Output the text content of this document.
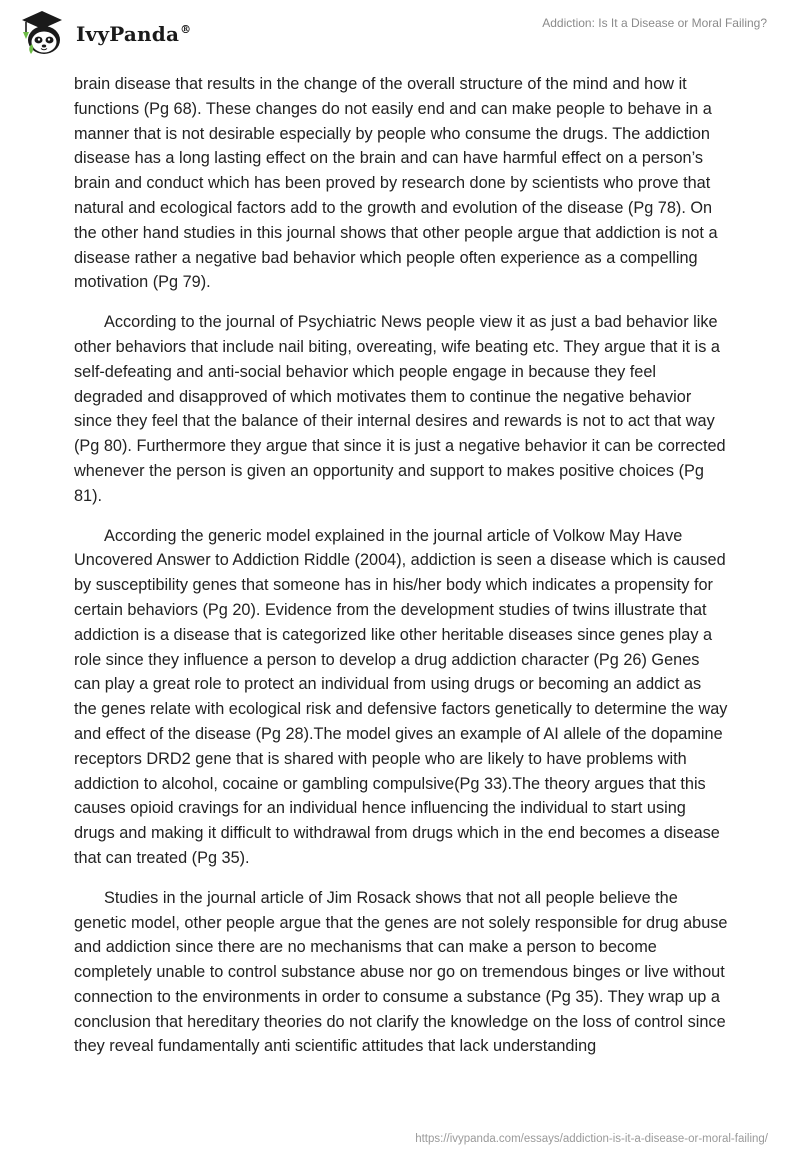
IvyPanda®	Addiction: Is It a Disease or Moral Failing?

brain disease that results in the change of the overall structure of the mind and how it functions (Pg 68). These changes do not easily end and can make people to behave in a manner that is not desirable especially by people who consume the drugs. The addiction disease has a long lasting effect on the brain and can have harmful effect on a person’s brain and conduct which has been proved by research done by scientists who prove that natural and ecological factors add to the growth and evolution of the disease (Pg 78). On the other hand studies in this journal shows that other people argue that addiction is not a disease rather a negative bad behavior which people often experience as a compelling motivation (Pg 79).

According to the journal of Psychiatric News people view it as just a bad behavior like other behaviors that include nail biting, overeating, wife beating etc. They argue that it is a self-defeating and anti-social behavior which people engage in because they feel degraded and disapproved of which motivates them to continue the negative behavior since they feel that the balance of their internal desires and rewards is not to act that way (Pg 80). Furthermore they argue that since it is just a negative behavior it can be corrected whenever the person is given an opportunity and support to makes positive choices (Pg 81).

According the generic model explained in the journal article of Volkow May Have Uncovered Answer to Addiction Riddle (2004), addiction is seen a disease which is caused by susceptibility genes that someone has in his/her body which indicates a propensity for certain behaviors (Pg 20). Evidence from the development studies of twins illustrate that addiction is a disease that is categorized like other heritable diseases since genes play a role since they influence a person to develop a drug addiction character (Pg 26) Genes can play a great role to protect an individual from using drugs or becoming an addict as the genes relate with ecological risk and defensive factors genetically to determine the way and effect of the disease (Pg 28).The model gives an example of AI allele of the dopamine receptors DRD2 gene that is shared with people who are likely to have problems with addiction to alcohol, cocaine or gambling compulsive(Pg 33).The theory argues that this causes opioid cravings for an individual hence influencing the individual to start using drugs and making it difficult to withdrawal from drugs which in the end becomes a disease that can treated (Pg 35).

Studies in the journal article of Jim Rosack shows that not all people believe the genetic model, other people argue that the genes are not solely responsible for drug abuse and addiction since there are no mechanisms that can make a person to become completely unable to control substance abuse nor go on tremendous binges or live without connection to the environments in order to consume a substance (Pg 35). They wrap up a conclusion that hereditary theories do not clarify the knowledge on the loss of control since they reveal fundamentally anti scientific attitudes that lack understanding

https://ivypanda.com/essays/addiction-is-it-a-disease-or-moral-failing/
